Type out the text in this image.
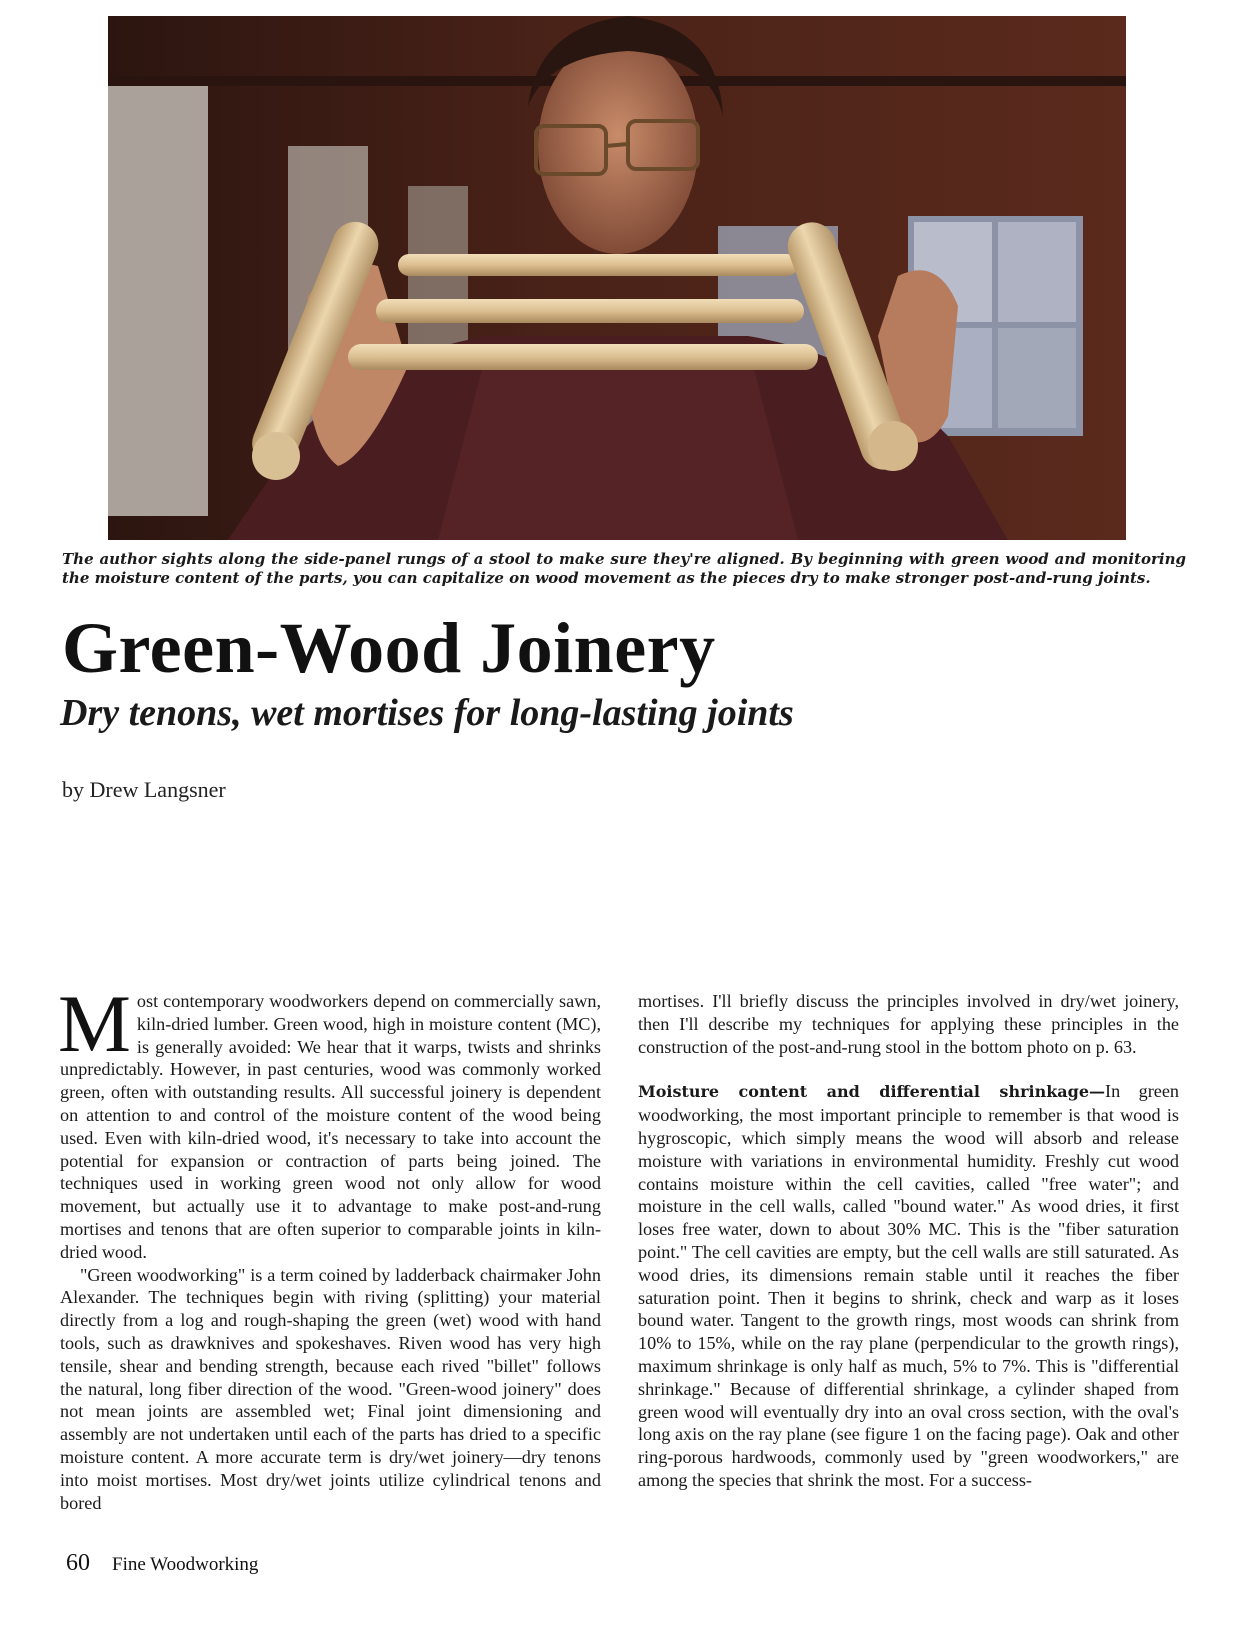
The author sights along the side-panel rungs of a stool to make sure they're aligned. By beginning with green wood and monitoring the moisture content of the parts, you can capitalize on wood movement as the pieces dry to make stronger post-and-rung joints.
Green-Wood Joinery
Dry tenons, wet mortises for long-lasting joints
by Drew Langsner

Most contemporary woodworkers depend on commercially sawn, kiln-dried lumber. Green wood, high in moisture content (MC), is generally avoided: We hear that it warps, twists and shrinks unpredictably. However, in past centuries, wood was commonly worked green, often with outstanding results. All successful joinery is dependent on attention to and control of the moisture content of the wood being used. Even with kiln-dried wood, it's necessary to take into account the potential for expansion or contraction of parts being joined. The techniques used in working green wood not only allow for wood movement, but actually use it to advantage to make post-and-rung mortises and tenons that are often superior to comparable joints in kiln-dried wood.

"Green woodworking" is a term coined by ladderback chairmaker John Alexander. The techniques begin with riving (splitting) your material directly from a log and rough-shaping the green (wet) wood with hand tools, such as drawknives and spokeshaves. Riven wood has very high tensile, shear and bending strength, because each rived "billet" follows the natural, long fiber direction of the wood. "Green-wood joinery" does not mean joints are assembled wet; Final joint dimensioning and assembly are not undertaken until each of the parts has dried to a specific moisture content. A more accurate term is dry/wet joinery—dry tenons into moist mortises. Most dry/wet joints utilize cylindrical tenons and bored

mortises. I'll briefly discuss the principles involved in dry/wet joinery, then I'll describe my techniques for applying these principles in the construction of the post-and-rung stool in the bottom photo on p. 63.

Moisture content and differential shrinkage—In green woodworking, the most important principle to remember is that wood is hygroscopic, which simply means the wood will absorb and release moisture with variations in environmental humidity. Freshly cut wood contains moisture within the cell cavities, called "free water"; and moisture in the cell walls, called "bound water." As wood dries, it first loses free water, down to about 30% MC. This is the "fiber saturation point." The cell cavities are empty, but the cell walls are still saturated. As wood dries, its dimensions remain stable until it reaches the fiber saturation point. Then it begins to shrink, check and warp as it loses bound water. Tangent to the growth rings, most woods can shrink from 10% to 15%, while on the ray plane (perpendicular to the growth rings), maximum shrinkage is only half as much, 5% to 7%. This is "differential shrinkage." Because of differential shrinkage, a cylinder shaped from green wood will eventually dry into an oval cross section, with the oval's long axis on the ray plane (see figure 1 on the facing page). Oak and other ring-porous hardwoods, commonly used by "green woodworkers," are among the species that shrink the most. For a success-

60 Fine Woodworking
